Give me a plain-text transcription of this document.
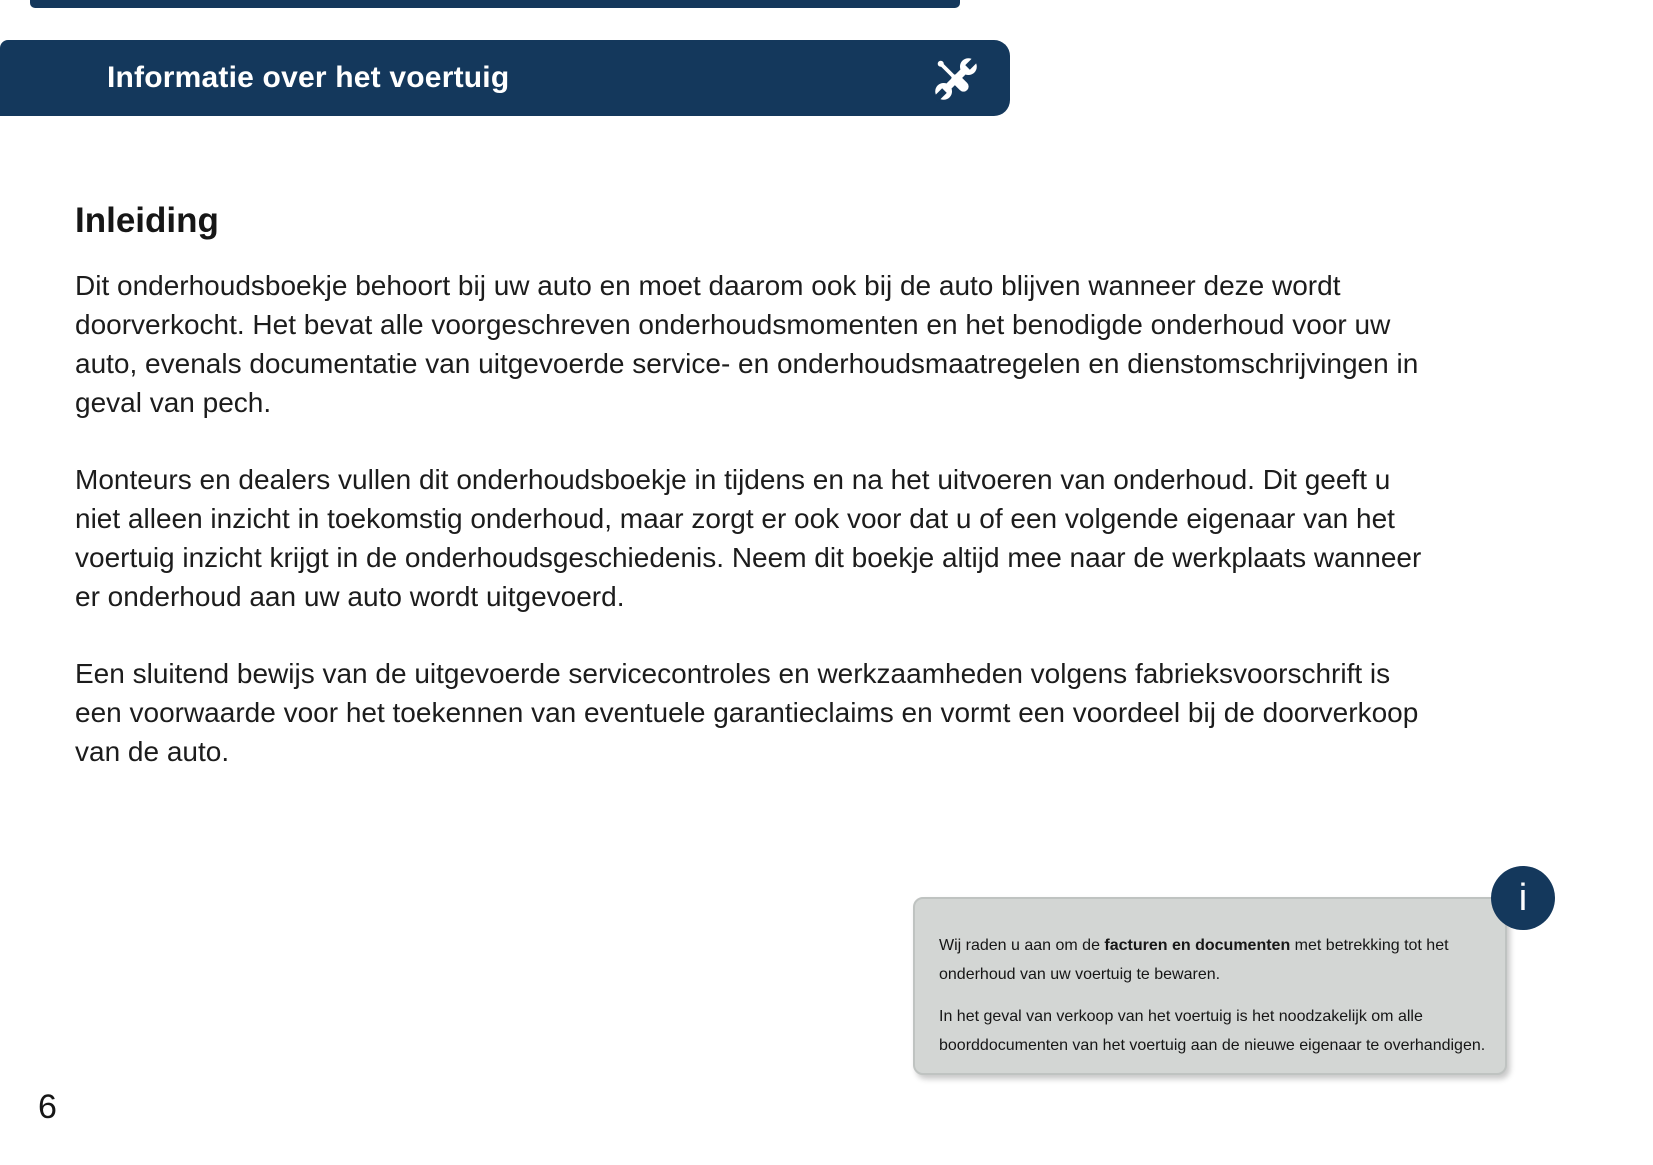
Informatie over het voertuig
Inleiding

Dit onderhoudsboekje behoort bij uw auto en moet daarom ook bij de auto blijven wanneer deze wordt doorverkocht. Het bevat alle voorgeschreven onderhoudsmomenten en het benodigde onderhoud voor uw auto, evenals documentatie van uitgevoerde service- en onderhoudsmaatregelen en dienstomschrijvingen in geval van pech.

Monteurs en dealers vullen dit onderhoudsboekje in tijdens en na het uitvoeren van onderhoud. Dit geeft u niet alleen inzicht in toekomstig onderhoud, maar zorgt er ook voor dat u of een volgende eigenaar van het voertuig inzicht krijgt in de onderhoudsgeschiedenis. Neem dit boekje altijd mee naar de werkplaats wanneer er onderhoud aan uw auto wordt uitgevoerd.

Een sluitend bewijs van de uitgevoerde servicecontroles en werkzaamheden volgens fabrieksvoorschrift is een voorwaarde voor het toekennen van eventuele garantieclaims en vormt een voordeel bij de doorverkoop van de auto.

i

Wij raden u aan om de facturen en documenten met betrekking tot het onderhoud van uw voertuig te bewaren.

In het geval van verkoop van het voertuig is het noodzakelijk om alle boorddocumenten van het voertuig aan de nieuwe eigenaar te overhandigen.

6
